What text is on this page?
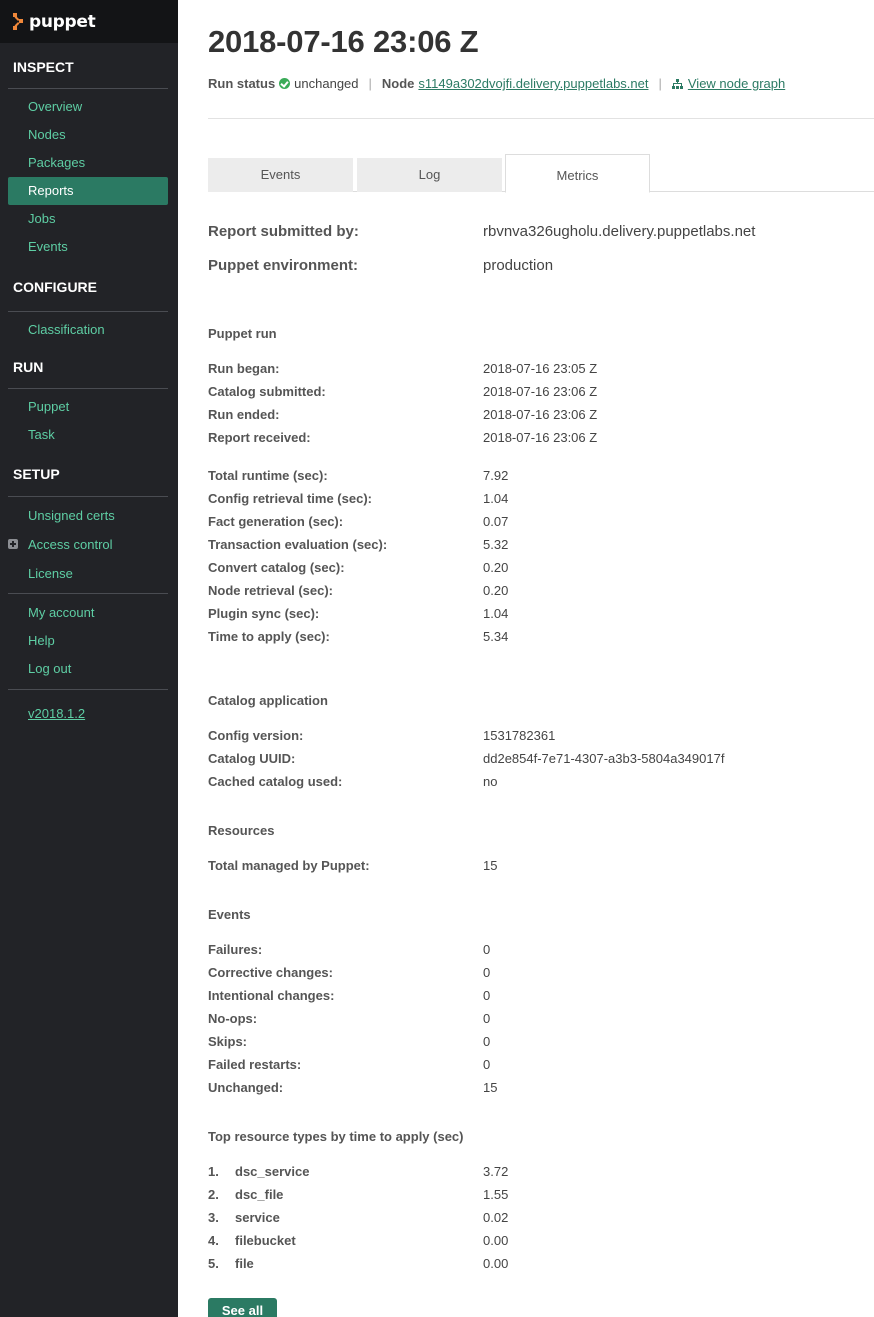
puppet
INSPECT
Overview
Nodes
Packages
Reports
Jobs
Events
CONFIGURE
Classification
RUN
Puppet
Task
SETUP
Unsigned certs
Access control
License
My account
Help
Log out
v2018.1.2
2018-07-16 23:06 Z
Run status unchanged | Node s1149a302dvojfi.delivery.puppetlabs.net | View node graph
Events	Log	Metrics
Report submitted by:	rbvnva326ugholu.delivery.puppetlabs.net
Puppet environment:	production
Puppet run
Run began:	2018-07-16 23:05 Z
Catalog submitted:	2018-07-16 23:06 Z
Run ended:	2018-07-16 23:06 Z
Report received:	2018-07-16 23:06 Z
Total runtime (sec):	7.92
Config retrieval time (sec):	1.04
Fact generation (sec):	0.07
Transaction evaluation (sec):	5.32
Convert catalog (sec):	0.20
Node retrieval (sec):	0.20
Plugin sync (sec):	1.04
Time to apply (sec):	5.34
Catalog application
Config version:	1531782361
Catalog UUID:	dd2e854f-7e71-4307-a3b3-5804a349017f
Cached catalog used:	no
Resources
Total managed by Puppet:	15
Events
Failures:	0
Corrective changes:	0
Intentional changes:	0
No-ops:	0
Skips:	0
Failed restarts:	0
Unchanged:	15
Top resource types by time to apply (sec)
1. dsc_service	3.72
2. dsc_file	1.55
3. service	0.02
4. filebucket	0.00
5. file	0.00
See all
